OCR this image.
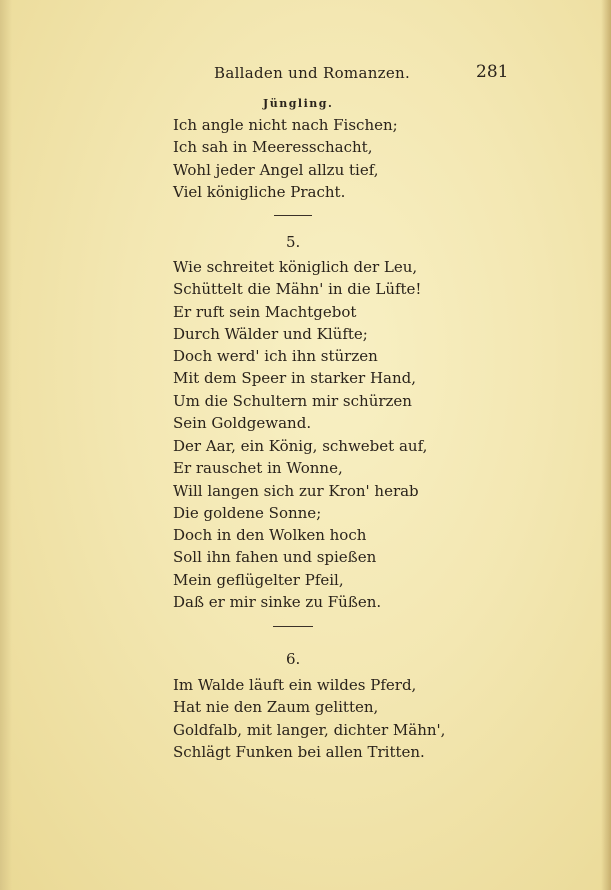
Balladen und Romanzen.	281
Jüngling.
Ich angle nicht nach Fischen;
Ich sah in Meeresschacht,
Wohl jeder Angel allzu tief,
Viel königliche Pracht.
5.
Wie schreitet königlich der Leu,
Schüttelt die Mähn' in die Lüfte!
Er ruft sein Machtgebot
Durch Wälder und Klüfte;
Doch werd' ich ihn stürzen
Mit dem Speer in starker Hand,
Um die Schultern mir schürzen
Sein Goldgewand.
Der Aar, ein König, schwebet auf,
Er rauschet in Wonne,
Will langen sich zur Kron' herab
Die goldene Sonne;
Doch in den Wolken hoch
Soll ihn fahen und spießen
Mein geflügelter Pfeil,
Daß er mir sinke zu Füßen.
6.
Im Walde läuft ein wildes Pferd,
Hat nie den Zaum gelitten,
Goldfalb, mit langer, dichter Mähn',
Schlägt Funken bei allen Tritten.
